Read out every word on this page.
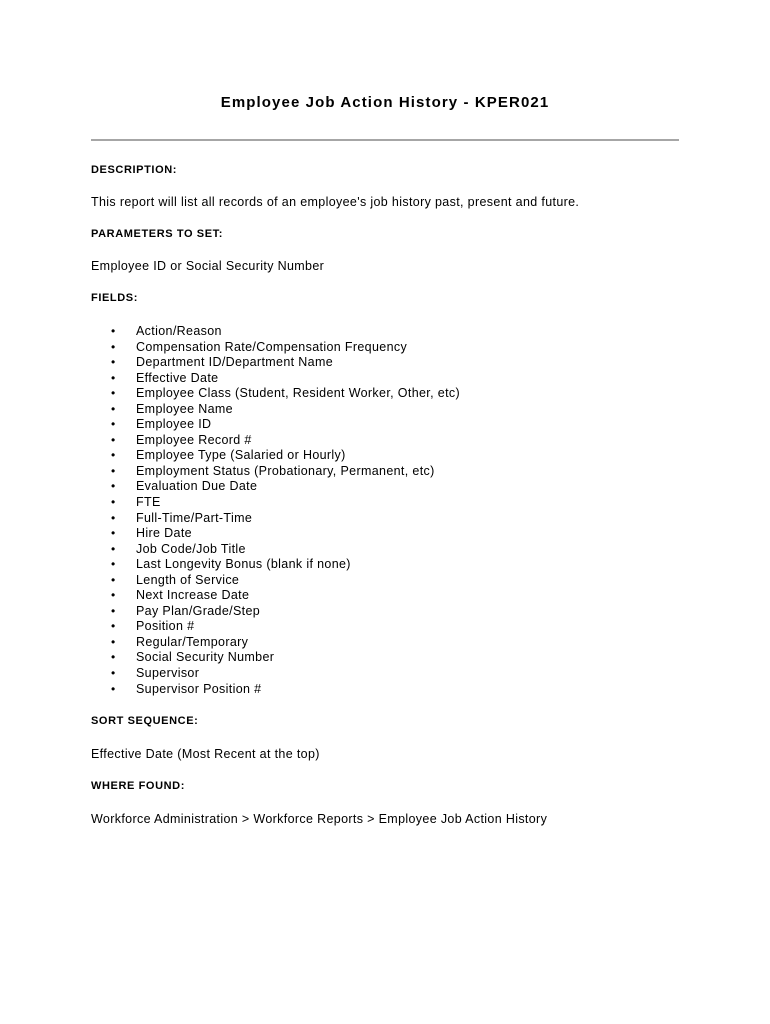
Employee Job Action History - KPER021
DESCRIPTION:

This report will list all records of an employee's job history past, present and future.

PARAMETERS TO SET:

Employee ID or Social Security Number

FIELDS:
• Action/Reason
• Compensation Rate/Compensation Frequency
• Department ID/Department Name
• Effective Date
• Employee Class (Student, Resident Worker, Other, etc)
• Employee Name
• Employee ID
• Employee Record #
• Employee Type (Salaried or Hourly)
• Employment Status (Probationary, Permanent, etc)
• Evaluation Due Date
• FTE
• Full-Time/Part-Time
• Hire Date
• Job Code/Job Title
• Last Longevity Bonus (blank if none)
• Length of Service
• Next Increase Date
• Pay Plan/Grade/Step
• Position #
• Regular/Temporary
• Social Security Number
• Supervisor
• Supervisor Position #
SORT SEQUENCE:

Effective Date (Most Recent at the top)

WHERE FOUND:

Workforce Administration > Workforce Reports > Employee Job Action History
